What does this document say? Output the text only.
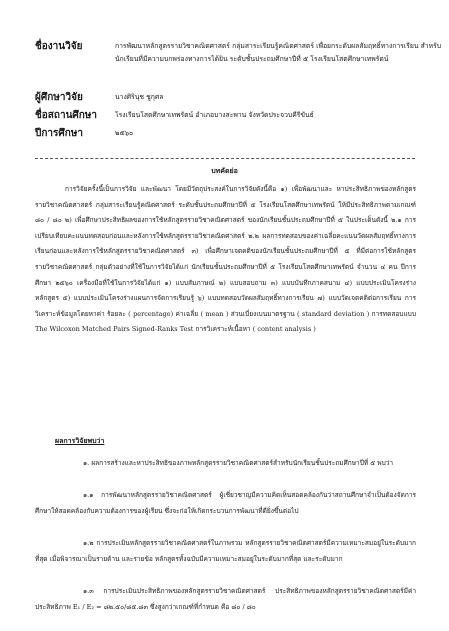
ชื่องานวิจัย	การพัฒนาหลักสูตรรายวิชาคณิตศาสตร์ กลุ่มสาระเรียนรู้คณิตศาสตร์ เพื่อยกระดับผลสัมฤทธิ์ทางการเรียน สำหรับนักเรียนที่มีความบกพร่องทางการได้ยิน ระดับชั้นประถมศึกษาปีที่ ๕ โรงเรียนโสตศึกษาเทพรัตน์
ผู้ศึกษาวิจัย	นางศิรินุช ชูกุศล
ชื่อสถานศึกษา	โรงเรียนโสตศึกษาเทพรัตน์ อำเภอบางสะพาน จังหวัดประจวบคีรีขันธ์
ปีการศึกษา	๒๕๖๐
บทคัดย่อ

การวิจัยครั้งนี้เป็นการวิจัย และพัฒนา โดยมีวัตถุประสงค์ในการวิจัยดังนี้คือ ๑) เพื่อพัฒนาและ หาประสิทธิภาพของหลักสูตรรายวิชาคณิตศาสตร์ กลุ่มสาระเรียนรู้คณิตศาสตร์ ระดับชั้นประถมศึกษาปีที่ ๕ โรงเรียนโสตศึกษาเทพรัตน์ ให้มีประสิทธิภาพตามเกณฑ์ ๘๐ / ๘๐ ๒) เพื่อศึกษาประสิทธิผลของการใช้หลักสูตรรายวิชาคณิตศาสตร์ ของนักเรียนชั้นประถมศึกษาปีที่ ๕ ในประเด็นดังนี้ ๒.๑ การเปรียบเทียบคะแนนทดสอบก่อนและหลังการใช้หลักสูตรรายวิชาคณิตศาสตร์ ๒.๒ ผลการทดสอบของค่าเฉลี่ยคะแนนวัดผลสัมฤทธิ์ทางการเรียนก่อนและหลังการใช้หลักสูตรรายวิชาคณิตศาสตร์ ๓) เพื่อศึกษาเจตคติของนักเรียนชั้นประถมศึกษาปีที่ ๕ ที่มีต่อการใช้หลักสูตรรายวิชาคณิตศาสตร์ กลุ่มตัวอย่างที่ใช้ในการวิจัยได้แก่ นักเรียนชั้นประถมศึกษาปีที่ ๕ โรงเรียนโสตศึกษาเทพรัตน์ จำนวน ๔ คน ปีการศึกษา ๒๕๖๐ เครื่องมือที่ใช้ในการวิจัยได้แก่ ๑) แบบสัมภาษณ์ ๒) แบบสอบถาม ๓) แบบบันทึกภาคสนาม ๔) แบบประเมินโครงร่างหลักสูตร ๕) แบบประเมินโครงร่างแผนการจัดการเรียนรู้ ๖) แบบทดสอบวัดผลสัมฤทธิ์ทางการเรียน ๗) แบบวัดเจตคติต่อการเรียน การวิเคราะห์ข้อมูลโดยหาค่า ร้อยละ ( percentage) ค่าเฉลี่ย ( mean ) ส่วนเบี่ยงเบนมาตรฐาน ( standard deviation ) การทดสอบแบบ The Wilcoxon Matched Pairs Signed-Ranks Test การวิเคราะห์เนื้อหา ( content analysis )

ผลการวิจัยพบว่า

๑. ผลการสร้างและหาประสิทธิของภาพหลักสูตรรายวิชาคณิตศาสตร์สำหรับนักเรียนชั้นประถมศึกษาปีที่ ๕ พบว่า

๑.๑ การพัฒนาหลักสูตรรายวิชาคณิตศาสตร์ ผู้เชี่ยวชาญมีความคิดเห็นสอดคล้องกันว่าสถานศึกษาจำเป็นต้องจัดการศึกษาให้สอดคล้องกับความต้องการของผู้เรียน ซึ่งจะก่อให้เกิดกระบวนการพัฒนาที่ดียิ่งขึ้นต่อไป

๑.๒ การประเมินหลักสูตรรายวิชาคณิตศาสตร์ในภาพรวม หลักสูตรรายวิชาคณิตศาสตร์มีความเหมาะสมอยู่ในระดับมากที่สุด เมื่อพิจารณาเป็นรายด้าน และรายข้อ หลักสูตรทั้งฉบับมีความเหมาะสมอยู่ในระดับมากที่สุด และระดับมาก

๑.๓ การประเมินประสิทธิภาพของหลักสูตรรายวิชาคณิตศาสตร์ ประสิทธิภาพของหลักสูตรรายวิชาคณิตศาสตร์มีค่าประสิทธิภาพ E₁ / E₂ = ๘๒.๕๐/๘๕.๘๓ ซึ่งสูงกว่าเกณฑ์ที่กำหนด คือ ๘๐ / ๘๐
